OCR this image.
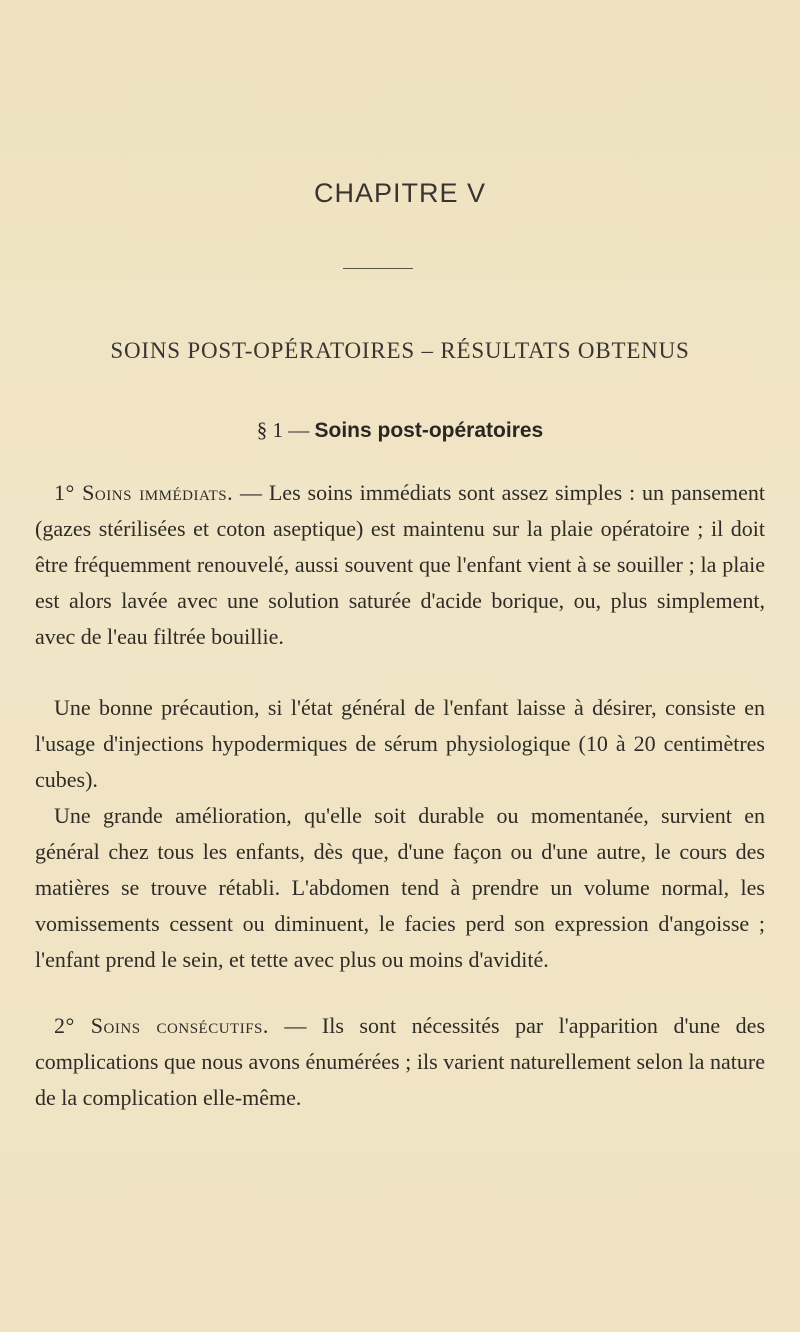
CHAPITRE V
SOINS POST-OPÉRATOIRES – RÉSULTATS OBTENUS
§ 1 — Soins post-opératoires

1° Soins immédiats. — Les soins immédiats sont assez simples : un pansement (gazes stérilisées et coton aseptique) est maintenu sur la plaie opératoire ; il doit être fréquemment renouvelé, aussi souvent que l'enfant vient à se souiller ; la plaie est alors lavée avec une solution saturée d'acide borique, ou, plus simplement, avec de l'eau filtrée bouillie.

Une bonne précaution, si l'état général de l'enfant laisse à désirer, consiste en l'usage d'injections hypodermiques de sérum physiologique (10 à 20 centimètres cubes).

Une grande amélioration, qu'elle soit durable ou momentanée, survient en général chez tous les enfants, dès que, d'une façon ou d'une autre, le cours des matières se trouve rétabli. L'abdomen tend à prendre un volume normal, les vomissements cessent ou diminuent, le facies perd son expression d'angoisse ; l'enfant prend le sein, et tette avec plus ou moins d'avidité.

2° Soins consécutifs. — Ils sont nécessités par l'apparition d'une des complications que nous avons énumérées ; ils varient naturellement selon la nature de la complication elle-même.
